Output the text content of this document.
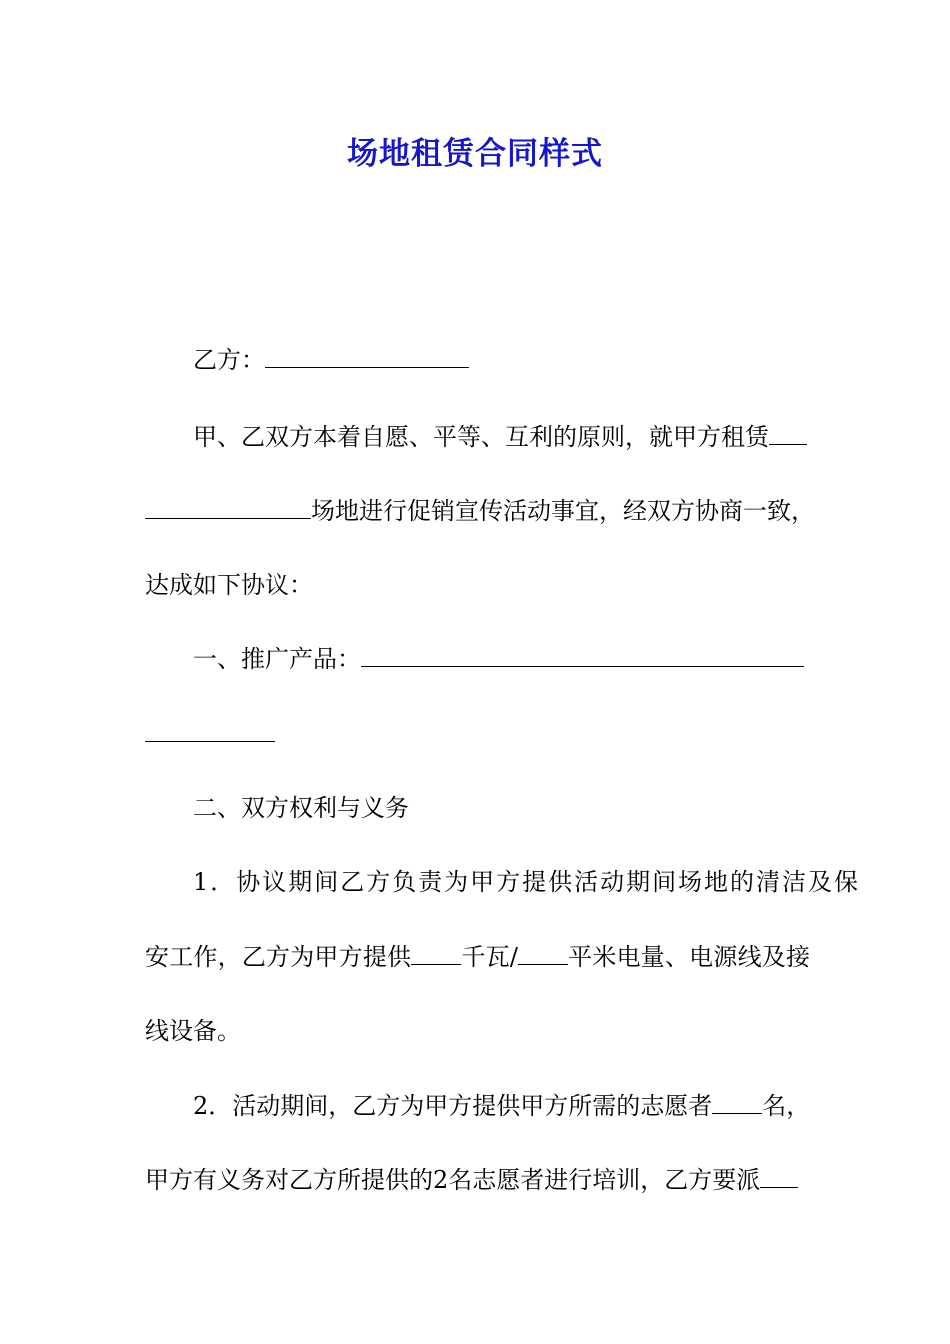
场地租赁合同样式

乙方：

甲、乙双方本着自愿、平等、互利的原则，就甲方租赁

场地进行促销宣传活动事宜，经双方协商一致，

达成如下协议：

一、推广产品：

二、双方权利与义务

1．协议期间乙方负责为甲方提供活动期间场地的清洁及保

安工作，乙方为甲方提供 千瓦/ 平米电量、电源线及接

线设备。

2．活动期间，乙方为甲方提供甲方所需的志愿者 名，

甲方有义务对乙方所提供的2名志愿者进行培训，乙方要派
